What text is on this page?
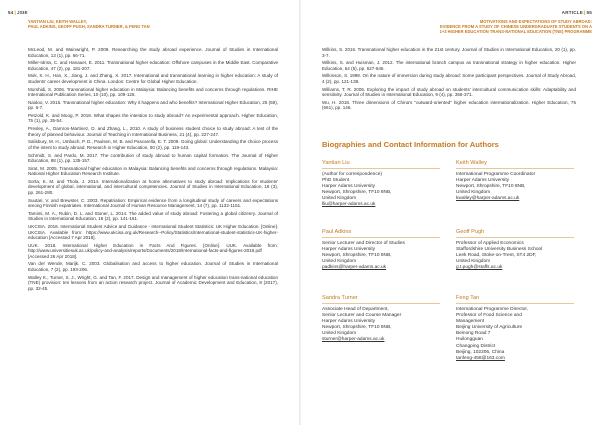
54|JSIE
YANTIAN LIU, KEITH WALLEY,
PAUL ADKINS, GEOFF PUGH, SANDRA TURNER, & FENG TAN

McLeod, M. and Wainwright, P. 2009. Researching the study abroad experience. Journal of Studies in International Education, 13 (1), pp. 66-71.

Miller-Idriss, C. and Hanauer, E. 2011. Transnational higher education: Offshore campuses in the Middle East. Comparative Education, 47 (2), pp. 181-207.

Mok, K. H., Han, X., Jiang, J. and Zhang, X. 2017. International and transnational learning in higher education: A study of students' career development in China. London: Centre for Global Higher Education.

Morshidi, S. 2006. Transnational higher education in Malaysia: Balancing benefits and concerns through regulations. RIHE International Publication Series, 10 (10), pp. 109-126.

Naidoo, V. 2015. Transnational higher education: Why it happens and who benefits? International Higher Education, 25 (58), pp. 6-7.

Petzold, K. and Moog, P. 2018. What shapes the intention to study abroad? An experimental approach. Higher Education, 75 (1), pp. 35-54.

Presley, A., Damron-Martinez, D. and Zhang, L., 2010. A study of business student choice to study abroad: A test of the theory of planned behaviour. Journal of Teaching in International Business, 21 (4), pp. 227-247.

Salisbury, M. H., Umbach, P. D., Paulsen, M. B. and Pascarella, E. T. 2009. Going global: Understanding the choice process of the intent to study abroad. Research in Higher Education, 50 (2), pp. 119-143.

Schmidt, S. and Pardo, M. 2017. The contribution of study abroad to human capital formation. The Journal of Higher Education, 88 (1), pp. 135-157.

Sirat, M. 2005. Transnational higher education in Malaysia: Balancing benefits and concerns through regulations. Malaysia: National Higher Education Research Institute.

Sorta, K. M. and Thola, J. 2014. Internationalization at home alternatives to study abroad: Implications for students' development of global, international, and intercultural competencies. Journal of Studies in International Education, 18 (3), pp. 261-280.

Suutari, V. and Brewster, C. 2003. Repatriation: Empirical evidence from a longitudinal study of careers and expectations among Finnish expatriates. International Journal of Human Resource Management, 14 (7), pp. 1132-1151.

Tamimi, M. A., Rubin, D. L. and Stoner, L. 2014. The added value of study abroad: Fostering a global citizenry. Journal of Studies in International Education, 18 (2), pp. 141-161.

UKCISA. 2018. International Student Advice and Guidance - International Student Statistics: UK Higher Education. [Online]. UKCISA. Available from: https://www.ukcisa.org.uk/Research--Policy/Statistics/International-student-statistics-UK-higher-education [Accessed 7 Apr 2018].

UUK. 2018. International Higher Education in Facts And Figures. [Online]. UUK. Available from: http://www.universitiesuk.ac.uk/policy-and-analysis/reports/Documents/2018/International-facts-and-figures-2018.pdf [Accessed 26 Apr 2018].

Van der Wende, Marijk. C. 2003. Globalisation and access to higher education. Journal of Studies in International Education, 7 (2), pp. 193-206.

Walley K., Turner, S. J., Wright, G. and Tan, F. 2017. Design and management of higher education trans-national education (TNE) provision: ten lessons from an action research project. Journal of Academic Development and Education, 8 (2017), pp. 32-45.

ARTICLE|55
MOTIVATIONS AND EXPECTATIONS OF STUDY ABROAD:
EVIDENCE FROM A STUDY OF CHINESE UNDERGRADUATE STUDENTS ON A
1+3 HIGHER EDUCATION TRANS-NATIONAL EDUCATION (TNE) PROGRAMME

Wilkins, S. 2016. Transnational higher education in the 21st century. Journal of Studies in International Education, 20 (1), pp. 3-7.

Wilkins, S. and Huisman, J. 2012. The international branch campus as transnational strategy in higher education. Higher Education, 64 (5), pp. 627-645.

Wilkinson, S. 1998. On the nature of immersion during study abroad: Some participant perspectives. Journal of Study Abroad, 4 (2), pp. 121-138.

Williams, T. R. 2005. Exploring the impact of study abroad on students' intercultural communication skills: Adaptability and sensitivity. Journal of Studies in International Education, 9 (4), pp. 356-371.

Wu, H. 2018. Three dimensions of China's "outward-oriented" higher education internationalization. Higher Education, 75 (661), pp. 146.

Biographies and Contact Information for Authors
Yantian Liu
(Author for correspondence)
PhD Student
Harper Adams University
Newport, Shropshire, TF10 8NB,
United Kingdom
lliu@harper-adams.ac.uk
Keith Walley
International Programme Coordinator
Harper Adams University
Newport, Shropshire, TF10 8NB,
United Kingdom
kwalley@harper-adams.ac.uk
Paul Adkins
Senior Lecturer and Director of Studies
Harper Adams University
Newport, Shropshire, TF10 8NB,
United Kingdom
padkins@harper-adams.ac.uk
Geoff Pugh
Professor of Applied Economics
Staffordshire University Business School
Leek Road, Stoke-on-Trent, ST4 2DF,
United Kingdom
g.t.pugh@staffs.ac.uk
Sandra Turner
Associate Head of Department,
Senior Lecturer and Course Manager
Harper Adams University
Newport, Shropshire, TF10 8NB,
United Kingdom
sturner@harper-adams.ac.uk
Feng Tan
International Programme Director,
Professor of Food Science and
Management
Beijing University of Agriculture
Beinong Road 7
Huilongguan
Changping District
Beijing, 102206, China
tanfeng-458@163.com
